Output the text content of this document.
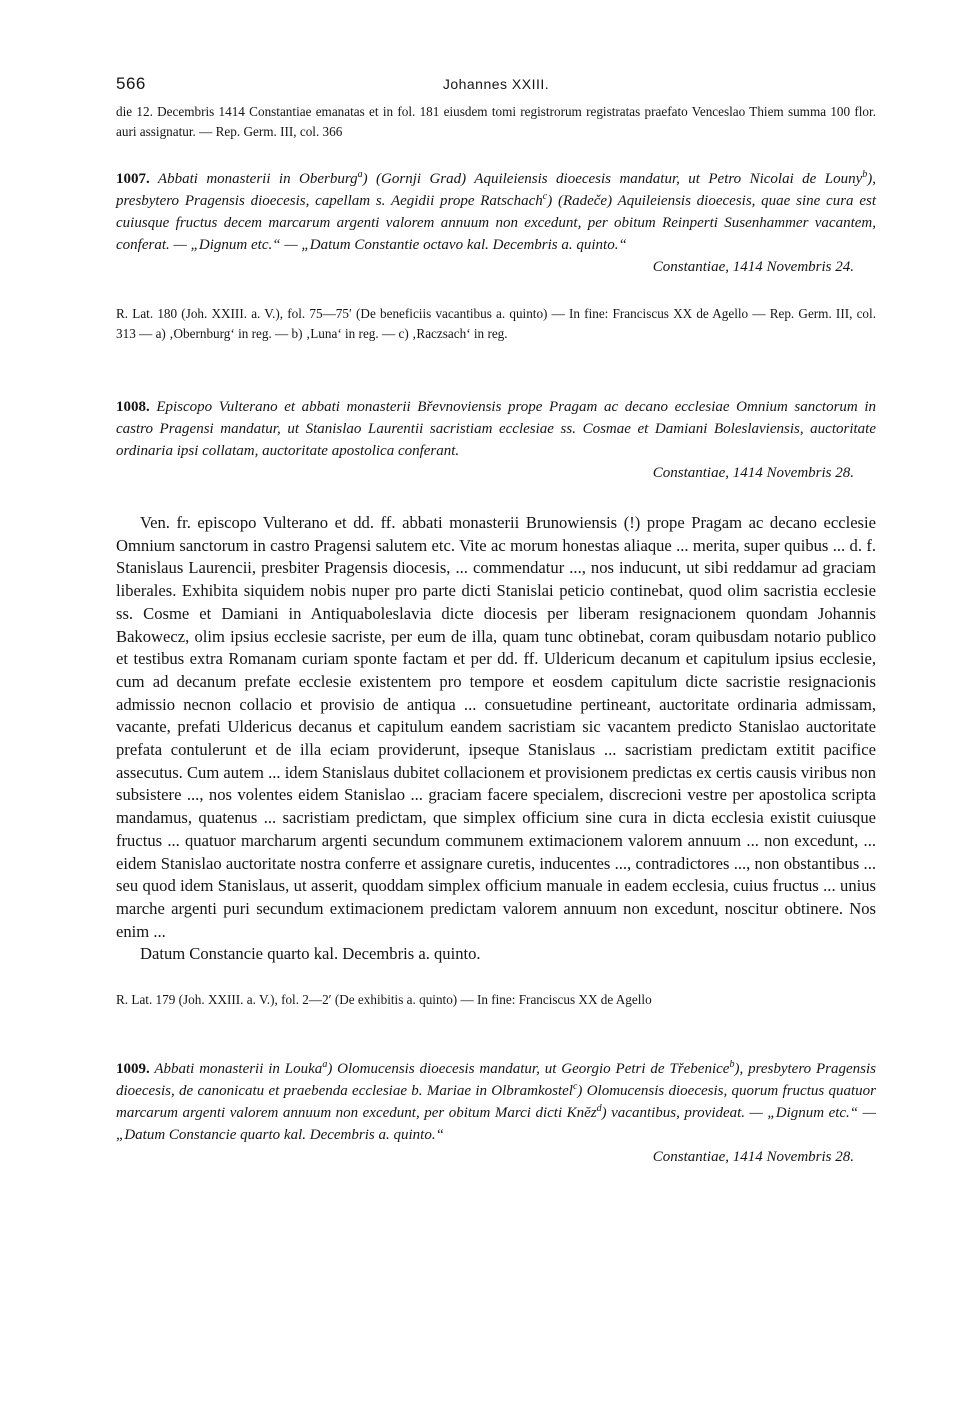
566	Johannes XXIII.

die 12. Decembris 1414 Constantiae emanatas et in fol. 181 eiusdem tomi registrorum registratas praefato Venceslao Thiem summa 100 flor. auri assignatur. — Rep. Germ. III, col. 366

1007. Abbati monasterii in Oberburg$^a$) (Gornji Grad) Aquileiensis dioecesis mandatur, ut Petro Nicolai de Louny$^b$), presbytero Pragensis dioecesis, capellam s. Aegidii prope Ratschach$^c$) (Radeče) Aquileiensis dioecesis, quae sine cura est cuiusque fructus decem marcarum argenti valorem annuum non excedunt, per obitum Reinperti Susenhammer vacantem, conferat. — „Dignum etc.“ — „Datum Constantie octavo kal. Decembris a. quinto.“

Constantiae, 1414 Novembris 24.

R. Lat. 180 (Joh. XXIII. a. V.), fol. 75—75′ (De beneficiis vacantibus a. quinto) — In fine: Franciscus XX de Agello — Rep. Germ. III, col. 313 — a) ‚Obernburg‘ in reg. — b) ‚Luna‘ in reg. — c) ‚Raczsach‘ in reg.

1008. Episcopo Vulterano et abbati monasterii Břevnoviensis prope Pragam ac decano ecclesiae Omnium sanctorum in castro Pragensi mandatur, ut Stanislao Laurentii sacristiam ecclesiae ss. Cosmae et Damiani Boleslaviensis, auctoritate ordinaria ipsi collatam, auctoritate apostolica conferant.

Constantiae, 1414 Novembris 28.

Ven. fr. episcopo Vulterano et dd. ff. abbati monasterii Brunowiensis (!) prope Pragam ac decano ecclesie Omnium sanctorum in castro Pragensi salutem etc. Vite ac morum honestas aliaque ... merita, super quibus ... d. f. Stanislaus Laurencii, presbiter Pragensis diocesis, ... commendatur ..., nos inducunt, ut sibi reddamur ad graciam liberales. Exhibita siquidem nobis nuper pro parte dicti Stanislai peticio continebat, quod olim sacristia ecclesie ss. Cosme et Damiani in Antiquaboleslavia dicte diocesis per liberam resignacionem quondam Johannis Bakowecz, olim ipsius ecclesie sacriste, per eum de illa, quam tunc obtinebat, coram quibusdam notario publico et testibus extra Romanam curiam sponte factam et per dd. ff. Uldericum decanum et capitulum ipsius ecclesie, cum ad decanum prefate ecclesie existentem pro tempore et eosdem capitulum dicte sacristie resignacionis admissio necnon collacio et provisio de antiqua ... consuetudine pertineant, auctoritate ordinaria admissam, vacante, prefati Uldericus decanus et capitulum eandem sacristiam sic vacantem predicto Stanislao auctoritate prefata contulerunt et de illa eciam providerunt, ipseque Stanislaus ... sacristiam predictam extitit pacifice assecutus. Cum autem ... idem Stanislaus dubitet collacionem et provisionem predictas ex certis causis viribus non subsistere ..., nos volentes eidem Stanislao ... graciam facere specialem, discrecioni vestre per apostolica scripta mandamus, quatenus ... sacristiam predictam, que simplex officium sine cura in dicta ecclesia existit cuiusque fructus ... quatuor marcharum argenti secundum communem extimacionem valorem annuum ... non excedunt, ... eidem Stanislao auctoritate nostra conferre et assignare curetis, inducentes ..., contradictores ..., non obstantibus ... seu quod idem Stanislaus, ut asserit, quoddam simplex officium manuale in eadem ecclesia, cuius fructus ... unius marche argenti puri secundum extimacionem predictam valorem annuum non excedunt, noscitur obtinere. Nos enim ...

Datum Constancie quarto kal. Decembris a. quinto.

R. Lat. 179 (Joh. XXIII. a. V.), fol. 2—2′ (De exhibitis a. quinto) — In fine: Franciscus XX de Agello

1009. Abbati monasterii in Louka$^a$) Olomucensis dioecesis mandatur, ut Georgio Petri de Třebenice$^b$), presbytero Pragensis dioecesis, de canonicatu et praebenda ecclesiae b. Mariae in Olbramkostel$^c$) Olomucensis dioecesis, quorum fructus quatuor marcarum argenti valorem annuum non excedunt, per obitum Marci dicti Knĕz$^d$) vacantibus, provideat. — „Dignum etc.“ — „Datum Constancie quarto kal. Decembris a. quinto.“

Constantiae, 1414 Novembris 28.
